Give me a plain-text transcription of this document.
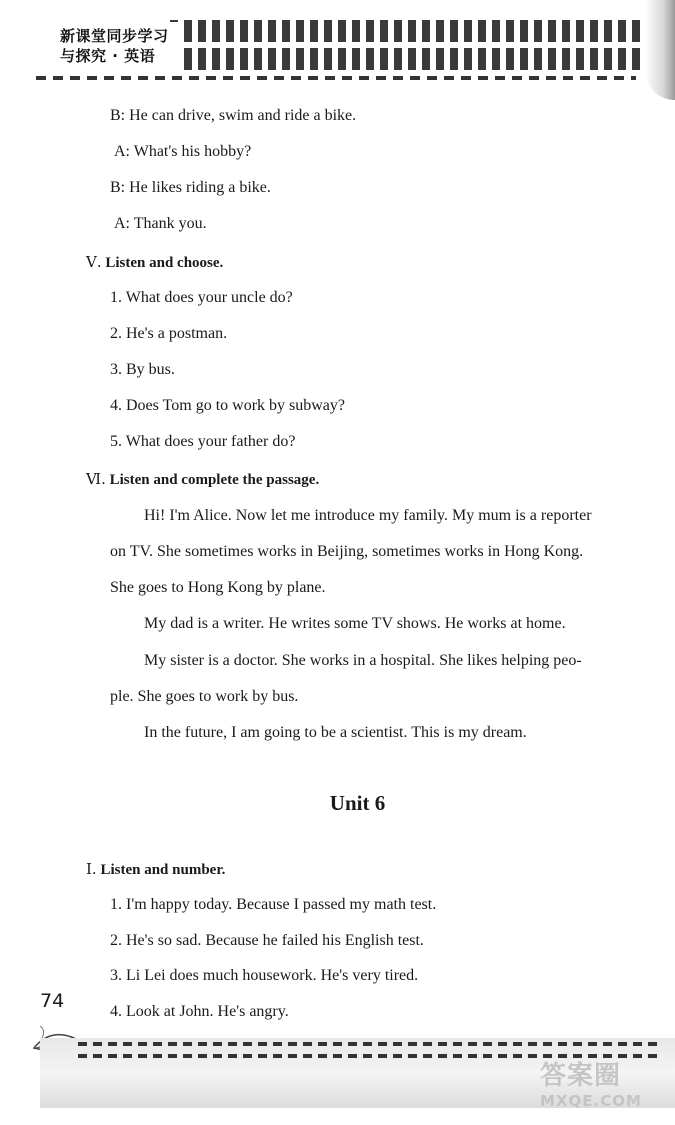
新课堂同步学习
与探究 · 英语
B: He can drive, swim and ride a bike.
A: What's his hobby?
B: He likes riding a bike.
A: Thank you.
Ⅴ. Listen and choose.
1. What does your uncle do?
2. He's a postman.
3. By bus.
4. Does Tom go to work by subway?
5. What does your father do?
Ⅵ. Listen and complete the passage.
Hi! I'm Alice. Now let me introduce my family. My mum is a reporter
on TV. She sometimes works in Beijing, sometimes works in Hong Kong.
She goes to Hong Kong by plane.
My dad is a writer. He writes some TV shows. He works at home.
My sister is a doctor. She works in a hospital. She likes helping peo-
ple. She goes to work by bus.
In the future, I am going to be a scientist. This is my dream.
Unit 6
Ⅰ. Listen and number.
1. I'm happy today. Because I passed my math test.
2. He's so sad. Because he failed his English test.
3. Li Lei does much housework. He's very tired.
4. Look at John. He's angry.
74
答案圈
MXQE.COM
